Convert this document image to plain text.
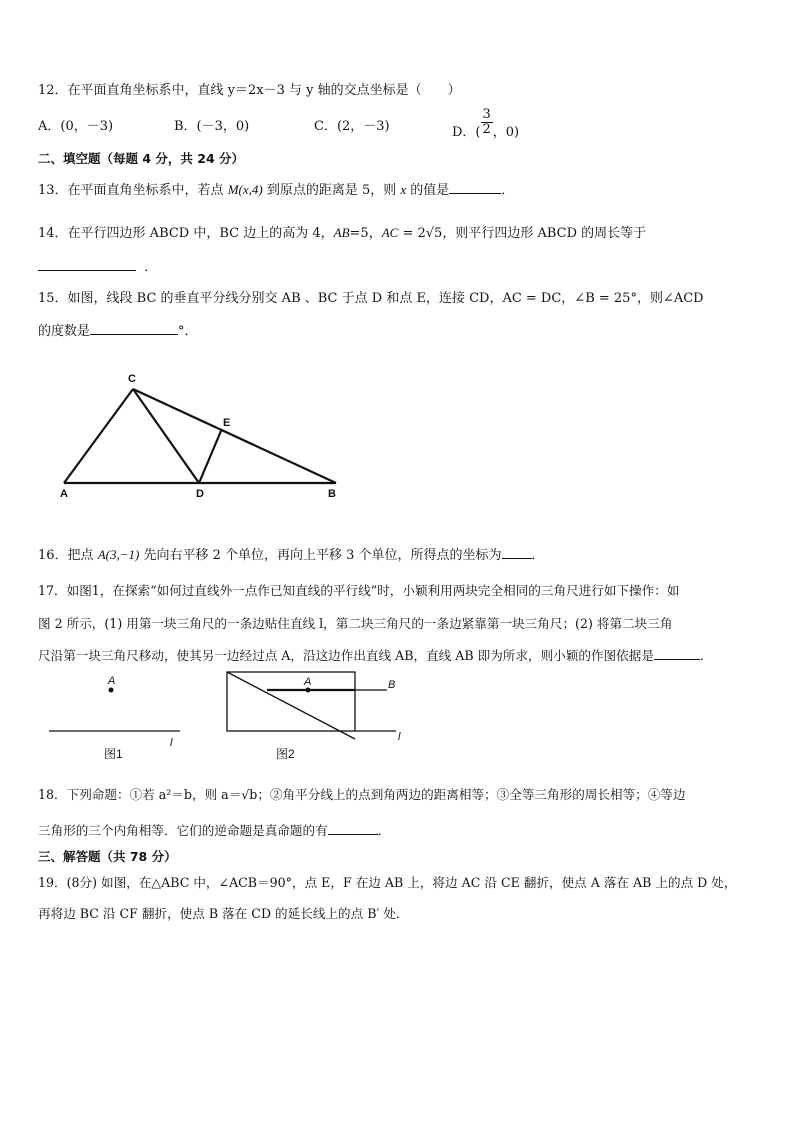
12．在平面直角坐标系中，直线 y＝2x－3 与 y 轴的交点坐标是（　　）
A．(0，－3)	B．(－3，0)	C．(2，－3)	D．( $\frac{3}{2}$ ，0)
二、填空题（每题 4 分，共 24 分）
13．在平面直角坐标系中，若点 M(x,4) 到原点的距离是 5，则 x 的值是	．
14．在平行四边形 ABCD 中，BC 边上的高为 4，AB=5，AC = 2√5，则平行四边形 ABCD 的周长等于
．
15．如图，线段 BC 的垂直平分线分别交 AB 、BC 于点 D 和点 E，连接 CD，AC = DC，∠B = 25°，则∠ACD
的度数是	°．
C
E
A	D	B
16．把点 A(3,−1) 先向右平移 2 个单位，再向上平移 3 个单位，所得点的坐标为 ．
17．如图1，在探索“如何过直线外一点作已知直线的平行线”时，小颖利用两块完全相同的三角尺进行如下操作：如
图 2 所示，(1) 用第一块三角尺的一条边贴住直线 l，第二块三角尺的一条边紧靠第一块三角尺；(2) 将第二块三角
尺沿第一块三角尺移动，使其另一边经过点 A，沿这边作出直线 AB，直线 AB 即为所求，则小颖的作图依据是	．
A
l
图1
A	B
l
图2
18．下列命题：①若 a²＝b，则 a＝√b；②角平分线上的点到角两边的距离相等；③全等三角形的周长相等；④等边
三角形的三个内角相等．它们的逆命题是真命题的有	．
三、解答题（共 78 分）
19．(8分) 如图，在△ABC 中，∠ACB＝90°，点 E，F 在边 AB 上，将边 AC 沿 CE 翻折，使点 A 落在 AB 上的点 D 处，
再将边 BC 沿 CF 翻折，使点 B 落在 CD 的延长线上的点 B′ 处．
